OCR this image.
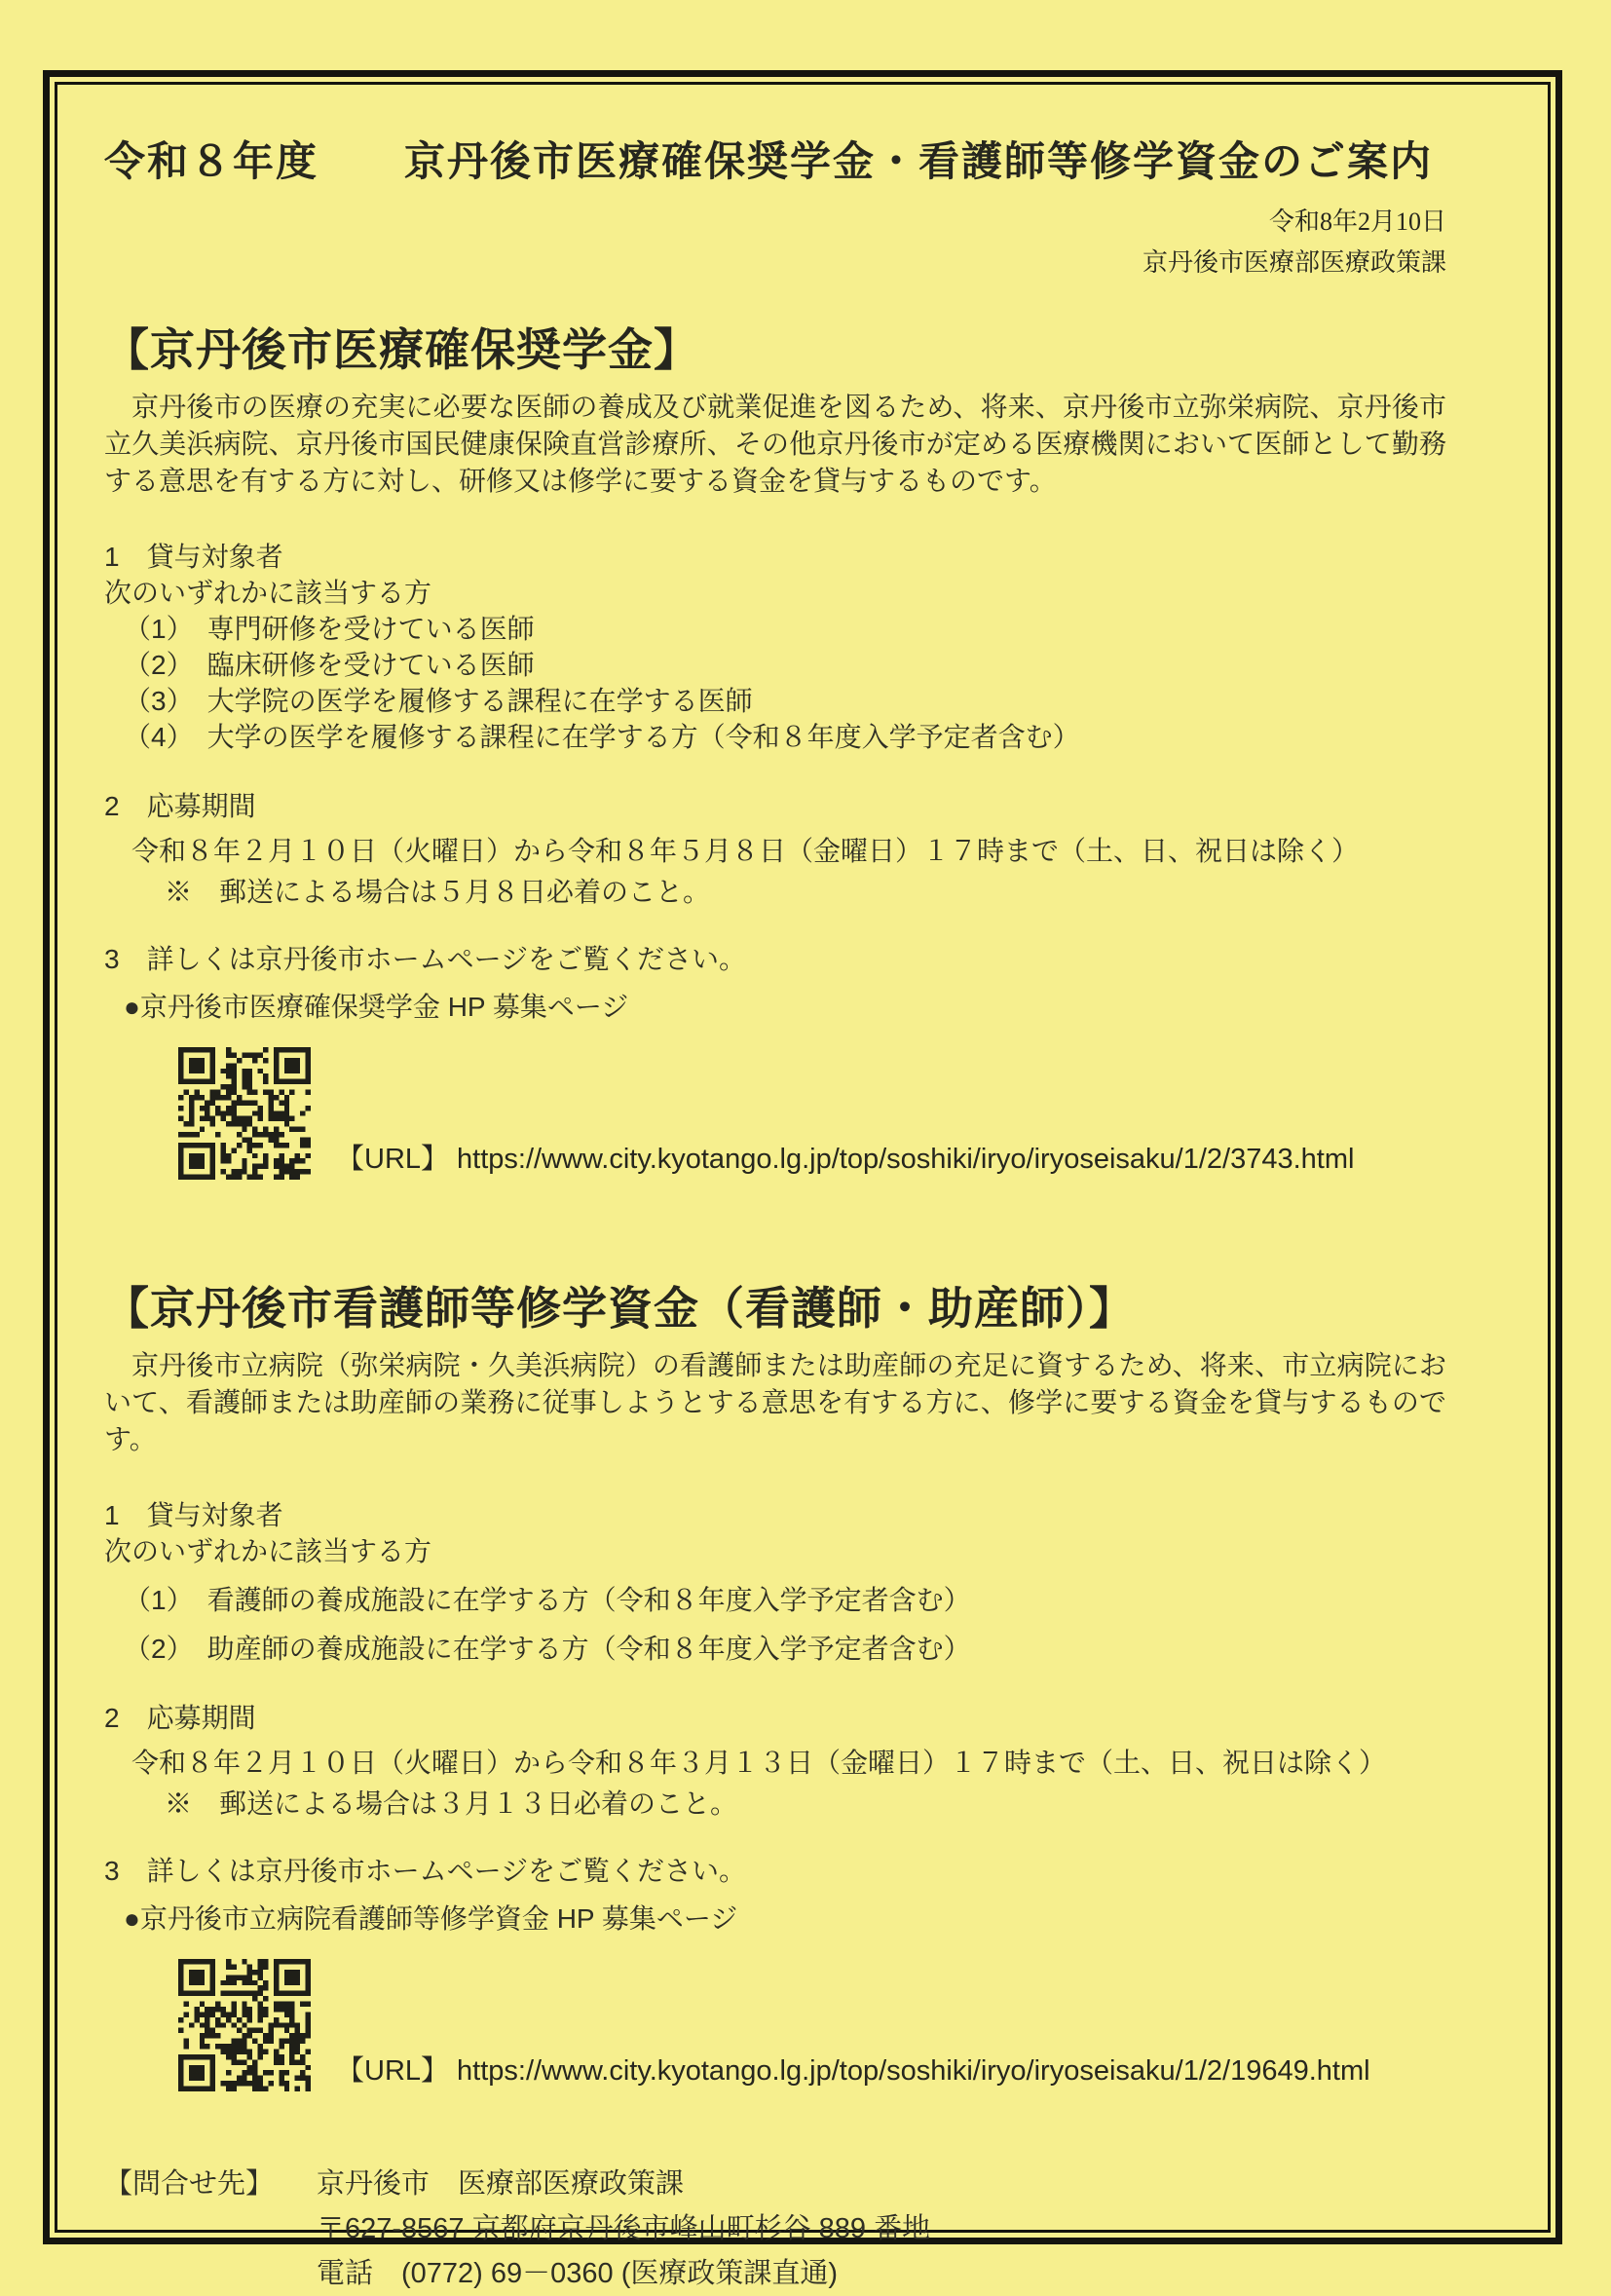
令和８年度　　京丹後市医療確保奨学金・看護師等修学資金のご案内
令和8年2月10日
京丹後市医療部医療政策課
【京丹後市医療確保奨学金】
京丹後市の医療の充実に必要な医師の養成及び就業促進を図るため、将来、京丹後市立弥栄病院、京丹後市立久美浜病院、京丹後市国民健康保険直営診療所、その他京丹後市が定める医療機関において医師として勤務する意思を有する方に対し、研修又は修学に要する資金を貸与するものです。
1　貸与対象者
次のいずれかに該当する方
（1）　専門研修を受けている医師
（2）　臨床研修を受けている医師
（3）　大学院の医学を履修する課程に在学する医師
（4）　大学の医学を履修する課程に在学する方（令和８年度入学予定者含む）
2　応募期間
令和８年２月１０日（火曜日）から令和８年５月８日（金曜日）１７時まで（土、日、祝日は除く）
※　郵送による場合は５月８日必着のこと。
3　詳しくは京丹後市ホームページをご覧ください。
●京丹後市医療確保奨学金 HP 募集ページ
【URL】 https://www.city.kyotango.lg.jp/top/soshiki/iryo/iryoseisaku/1/2/3743.html
【京丹後市看護師等修学資金（看護師・助産師）】
京丹後市立病院（弥栄病院・久美浜病院）の看護師または助産師の充足に資するため、将来、市立病院において、看護師または助産師の業務に従事しようとする意思を有する方に、修学に要する資金を貸与するものです。
1　貸与対象者
次のいずれかに該当する方
（1）　看護師の養成施設に在学する方（令和８年度入学予定者含む）
（2）　助産師の養成施設に在学する方（令和８年度入学予定者含む）
2　応募期間
令和８年２月１０日（火曜日）から令和８年３月１３日（金曜日）１７時まで（土、日、祝日は除く）
※　郵送による場合は３月１３日必着のこと。
3　詳しくは京丹後市ホームページをご覧ください。
●京丹後市立病院看護師等修学資金 HP 募集ページ
【URL】 https://www.city.kyotango.lg.jp/top/soshiki/iryo/iryoseisaku/1/2/19649.html
【問合せ先】	京丹後市　医療部医療政策課
〒627-8567 京都府京丹後市峰山町杉谷 889 番地
電話　(0772) 69－0360 (医療政策課直通)
